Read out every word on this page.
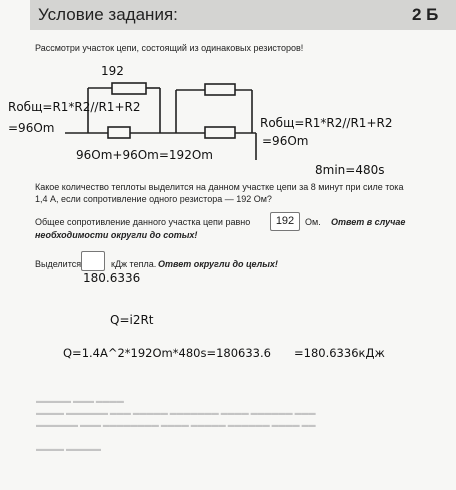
Условие задания:	2 Б
Рассмотри участок цепи, состоящий из одинаковых резисторов!
Какое количество теплоты выделится на данном участке цепи за 8 минут при силе тока
1,4 А, если сопротивление одного резистора — 192 Ом?
Общее сопротивление данного участка цепи равно	192	Ом. Ответ в случае
необходимости округли до сотых!
Выделится	кДж тепла. Ответ округли до целых!
192
Rобщ=R1*R2//R1+R2
=96Om
96Om+96Om=192Om
Rобщ=R1*R2//R1+R2
=96Om
8min=480s
180.6336
Q=i2Rt
Q=1.4A^2*192Om*480s=180633.6 =180.6336кДж
▬▬▬▬▬ ▬▬▬ ▬▬▬▬
▬▬▬▬ ▬▬▬▬▬▬ ▬▬▬ ▬▬▬▬▬ ▬▬▬▬▬▬▬ ▬▬▬▬ ▬▬▬▬▬▬ ▬▬▬
▬▬▬▬▬▬ ▬▬▬ ▬▬▬▬▬▬▬▬ ▬▬▬▬ ▬▬▬▬▬ ▬▬▬▬▬▬ ▬▬▬▬ ▬▬
▬▬▬▬ ▬▬▬▬▬
